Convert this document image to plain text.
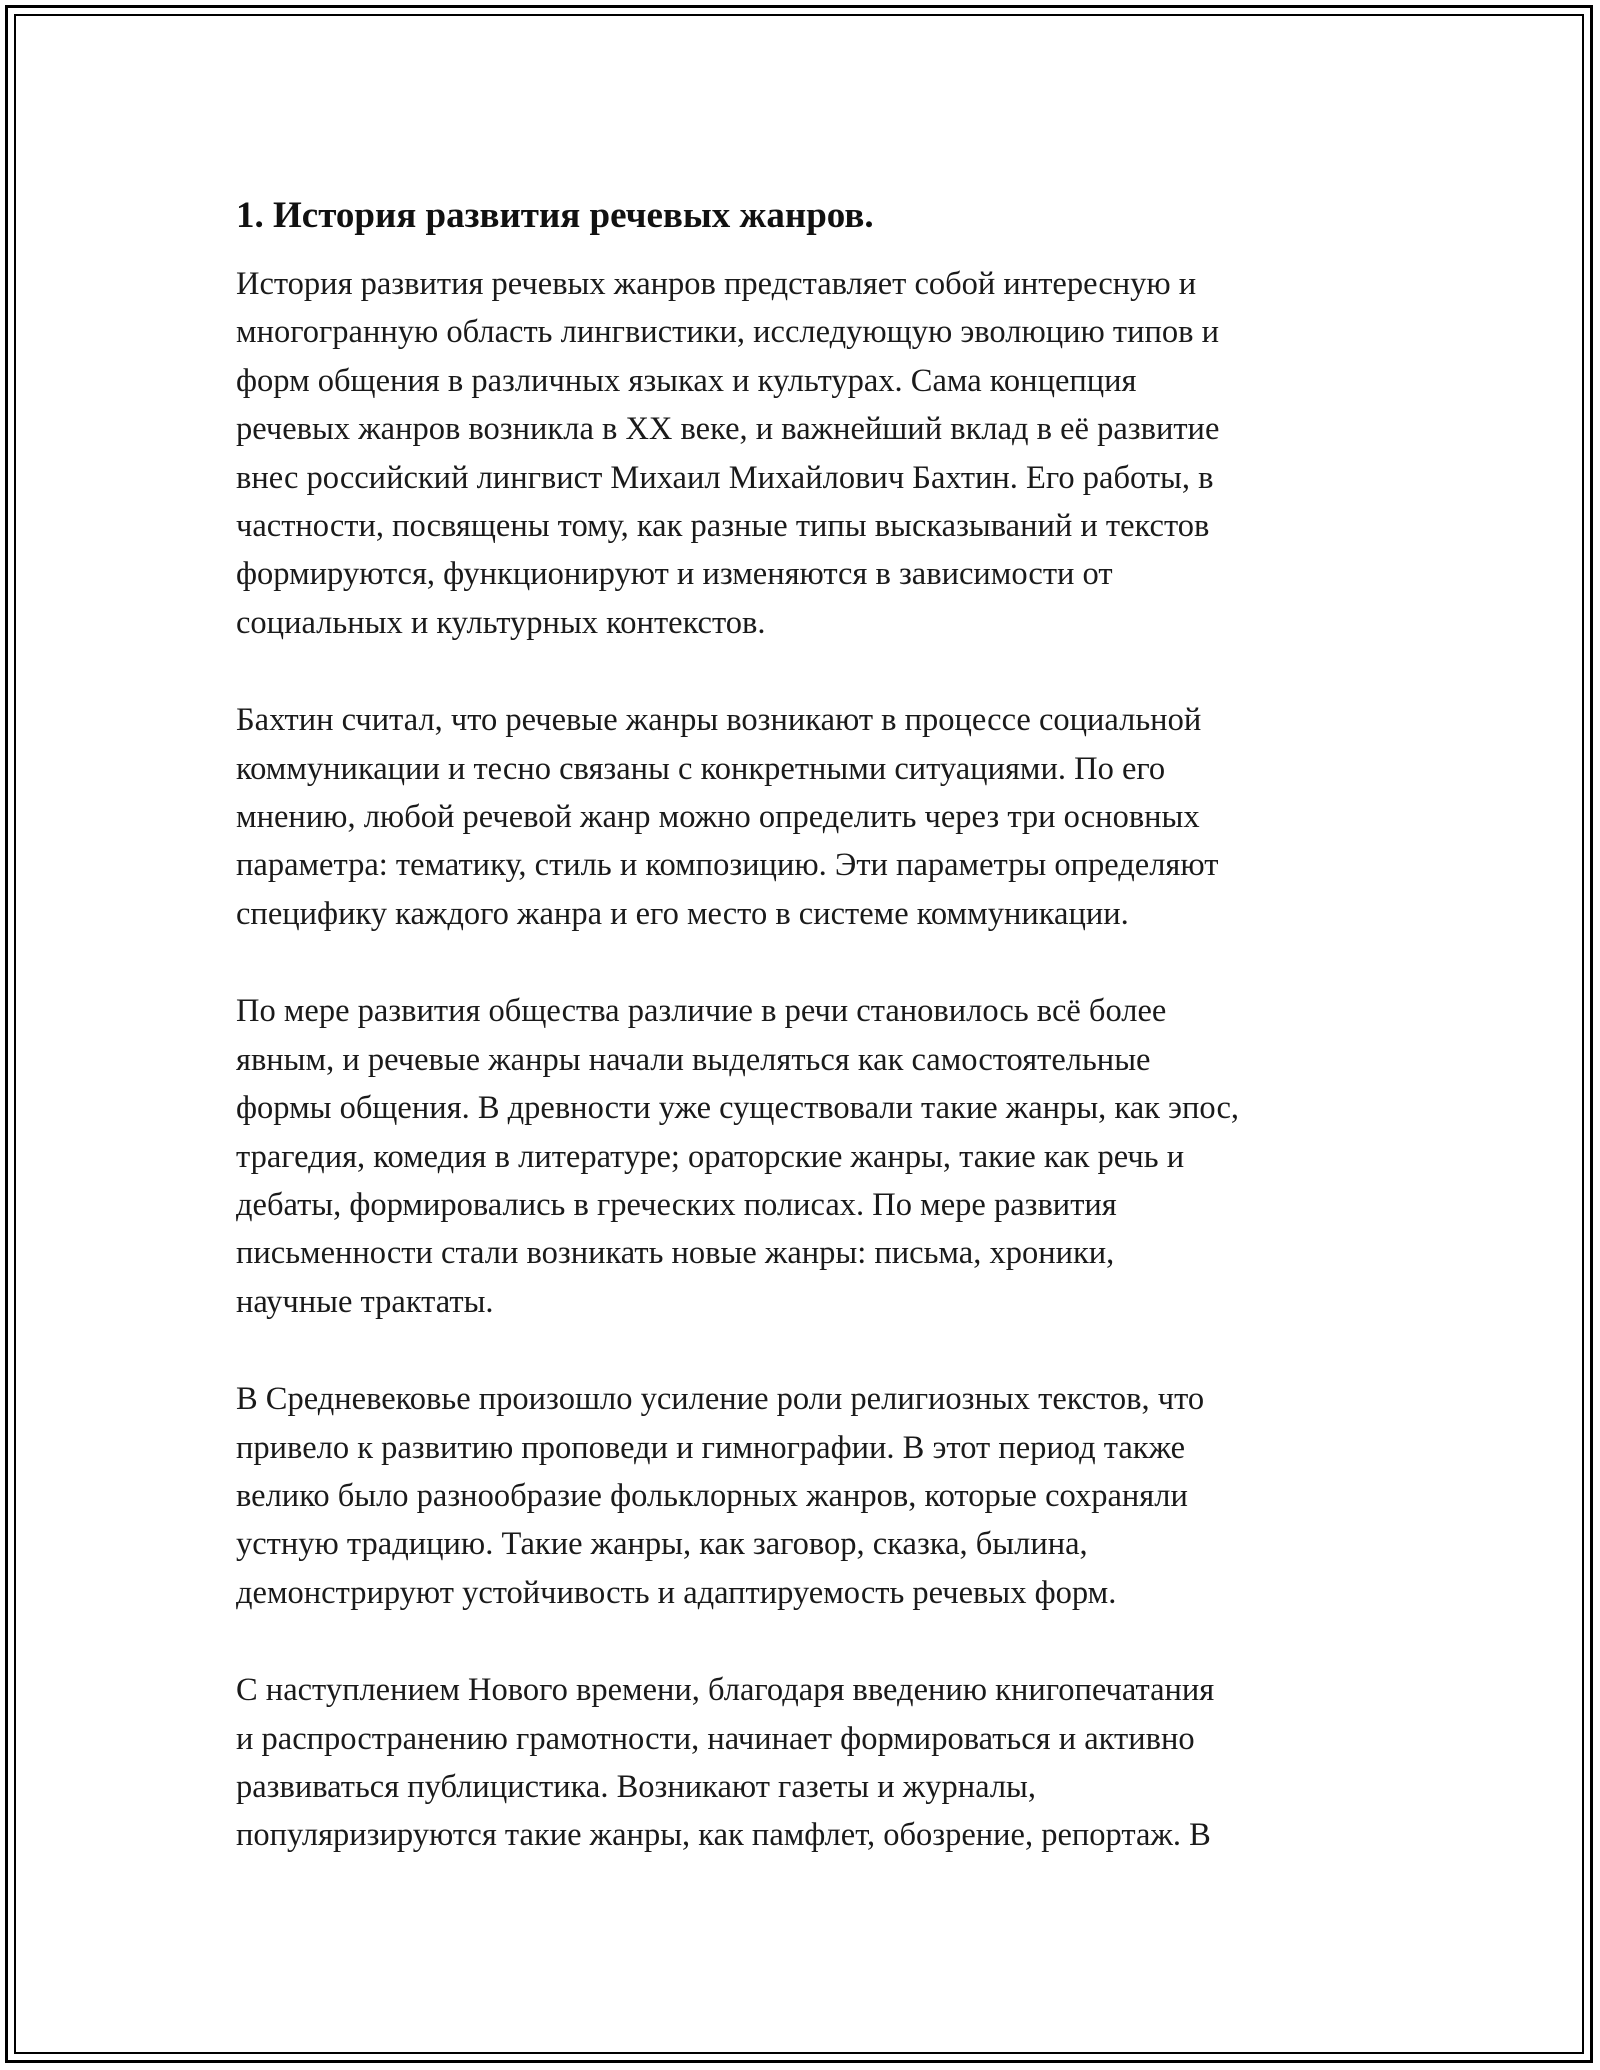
1. История развития речевых жанров.

История развития речевых жанров представляет собой интересную и
многогранную область лингвистики, исследующую эволюцию типов и
форм общения в различных языках и культурах. Сама концепция
речевых жанров возникла в XX веке, и важнейший вклад в её развитие
внес российский лингвист Михаил Михайлович Бахтин. Его работы, в
частности, посвящены тому, как разные типы высказываний и текстов
формируются, функционируют и изменяются в зависимости от
социальных и культурных контекстов.

Бахтин считал, что речевые жанры возникают в процессе социальной
коммуникации и тесно связаны с конкретными ситуациями. По его
мнению, любой речевой жанр можно определить через три основных
параметра: тематику, стиль и композицию. Эти параметры определяют
специфику каждого жанра и его место в системе коммуникации.

По мере развития общества различие в речи становилось всё более
явным, и речевые жанры начали выделяться как самостоятельные
формы общения. В древности уже существовали такие жанры, как эпос,
трагедия, комедия в литературе; ораторские жанры, такие как речь и
дебаты, формировались в греческих полисах. По мере развития
письменности стали возникать новые жанры: письма, хроники,
научные трактаты.

В Средневековье произошло усиление роли религиозных текстов, что
привело к развитию проповеди и гимнографии. В этот период также
велико было разнообразие фольклорных жанров, которые сохраняли
устную традицию. Такие жанры, как заговор, сказка, былина,
демонстрируют устойчивость и адаптируемость речевых форм.

С наступлением Нового времени, благодаря введению книгопечатания
и распространению грамотности, начинает формироваться и активно
развиваться публицистика. Возникают газеты и журналы,
популяризируются такие жанры, как памфлет, обозрение, репортаж. В
